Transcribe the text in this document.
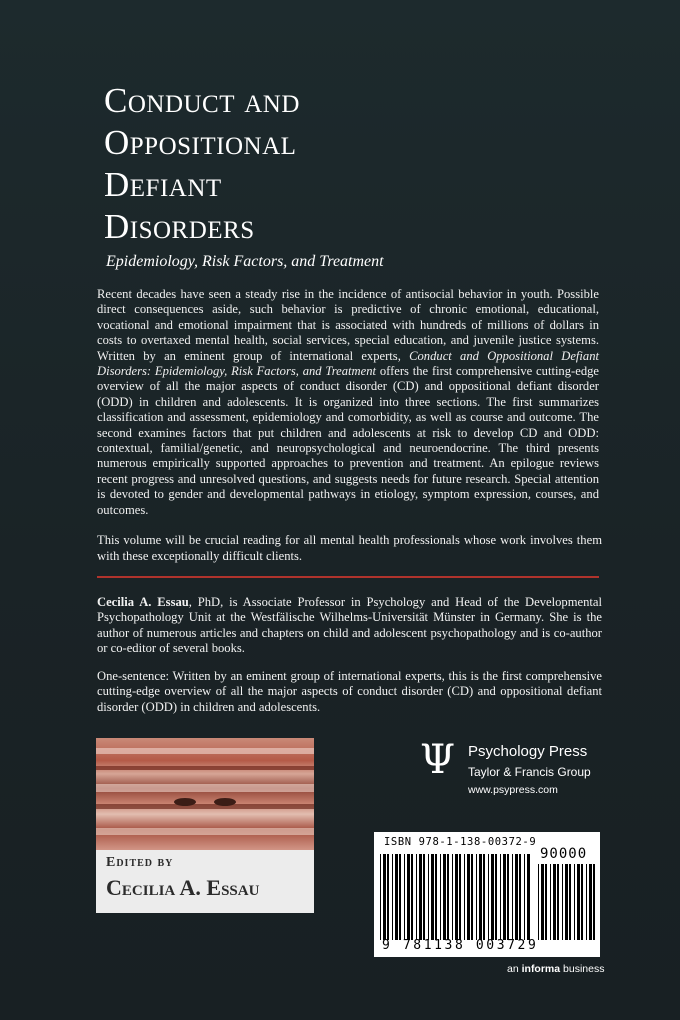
Conduct and
Oppositional
Defiant
Disorders
Epidemiology, Risk Factors, and Treatment

Recent decades have seen a steady rise in the incidence of antisocial behavior in youth. Possible direct consequences aside, such behavior is predictive of chronic emotional, educational, vocational and emotional impairment that is associated with hundreds of millions of dollars in costs to overtaxed mental health, social services, special education, and juvenile justice systems. Written by an eminent group of international experts, Conduct and Oppositional Defiant Disorders: Epidemiology, Risk Factors, and Treatment offers the first comprehensive cutting-edge overview of all the major aspects of conduct disorder (CD) and oppositional defiant disorder (ODD) in children and adolescents. It is organized into three sections. The first summarizes classification and assessment, epidemiology and comorbidity, as well as course and outcome. The second examines factors that put children and adolescents at risk to develop CD and ODD: contextual, familial/genetic, and neuropsychological and neuroendocrine. The third presents numerous empirically supported approaches to prevention and treatment. An epilogue reviews recent progress and unresolved questions, and suggests needs for future research. Special attention is devoted to gender and developmental pathways in etiology, symptom expression, courses, and outcomes.

This volume will be crucial reading for all mental health professionals whose work involves them with these exceptionally difficult clients.
Cecilia A. Essau, PhD, is Associate Professor in Psychology and Head of the Developmental Psychopathology Unit at the Westfälische Wilhelms-Universität Münster in Germany. She is the author of numerous articles and chapters on child and adolescent psychopathology and is co-author or co-editor of several books.
One-sentence: Written by an eminent group of international experts, this is the first comprehensive cutting-edge overview of all the major aspects of conduct disorder (CD) and oppositional defiant disorder (ODD) in children and adolescents.
Edited by
Cecilia A. Essau
Ψ Psychology Press
Taylor & Francis Group
www.psypress.com
ISBN 978-1-138-00372-9
90000
9 781138 003729
an informa business
